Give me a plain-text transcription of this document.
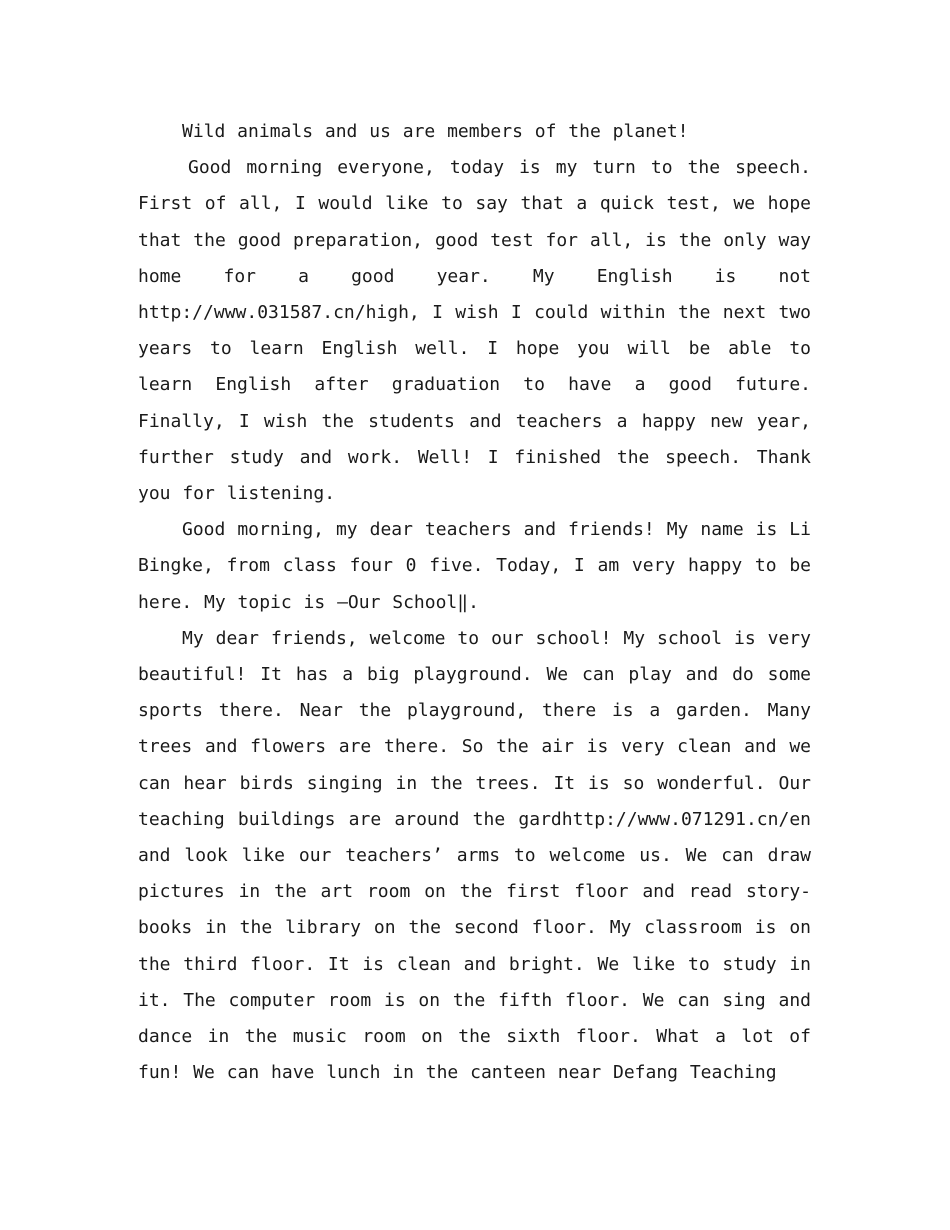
Wild animals and us are members of the planet!

Good morning everyone, today is my turn to the speech. First of all, I would like to say that a quick test, we hope that the good preparation, good test for all, is the only way home for a good year. My English is not http://www.031587.cn/high, I wish I could within the next two years to learn English well. I hope you will be able to learn English after graduation to have a good future. Finally, I wish the students and teachers a happy new year, further study and work. Well! I finished the speech. Thank you for listening.

Good morning, my dear teachers and friends! My name is Li Bingke, from class four 0 five. Today, I am very happy to be here. My topic is ―Our School‖.

My dear friends, welcome to our school! My school is very beautiful! It has a big playground. We can play and do some sports there. Near the playground, there is a garden. Many trees and flowers are there. So the air is very clean and we can hear birds singing in the trees. It is so wonderful. Our teaching buildings are around the gardhttp://www.071291.cn/en and look like our teachers’ arms to welcome us. We can draw pictures in the art room on the first floor and read story-books in the library on the second floor. My classroom is on the third floor. It is clean and bright. We like to study in it. The computer room is on the fifth floor. We can sing and dance in the music room on the sixth floor. What a lot of fun! We can have lunch in the canteen near Defang Teaching
